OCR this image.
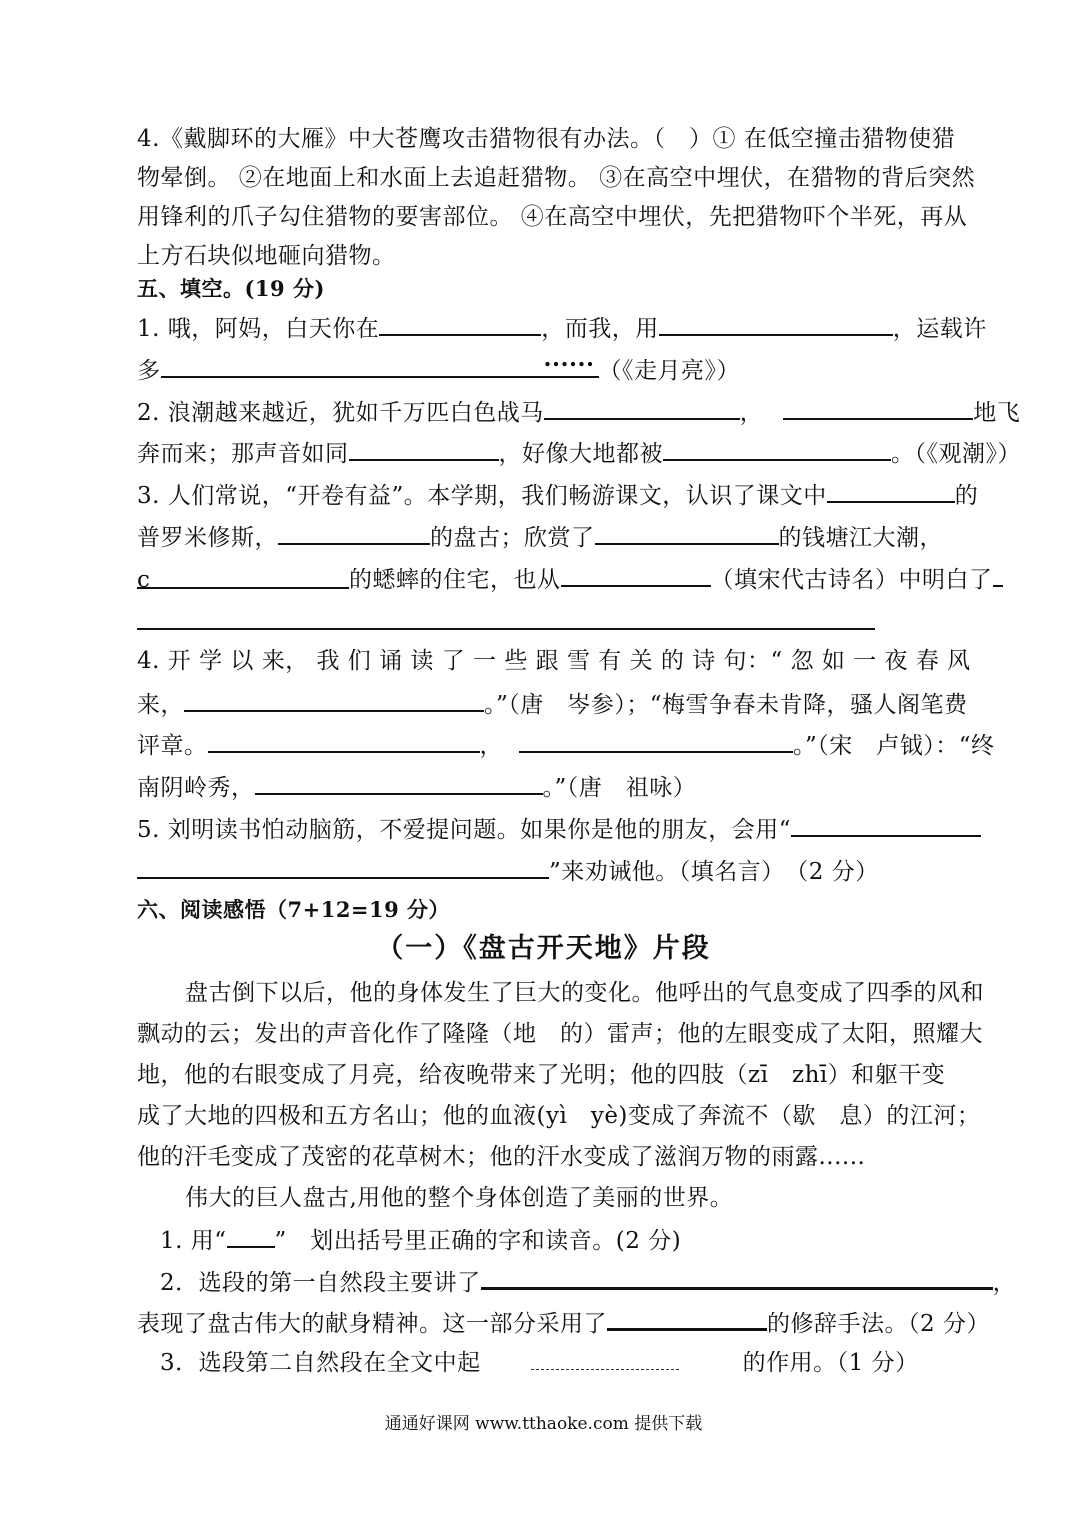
4.《戴脚环的大雁》中大苍鹰攻击猎物很有办法。（　）① 在低空撞击猎物使猎
物晕倒。 ②在地面上和水面上去追赶猎物。 ③在高空中埋伏，在猎物的背后突然
用锋利的爪子勾住猎物的要害部位。 ④在高空中埋伏，先把猎物吓个半死，再从
上方石块似地砸向猎物。
五、填空。(19 分)
1. 哦，阿妈，白天你在	，而我，用	，运载许
多	...... （《走月亮》）
2. 浪潮越来越近，犹如千万匹白色战马	，	地飞
奔而来；那声音如同	，好像大地都被	。（《观潮》）
3. 人们常说，“开卷有益”。本学期，我们畅游课文，认识了课文中	的
普罗米修斯，	的盘古；欣赏了	的钱塘江大潮，
c	的蟋蟀的住宅，也从	（填宋代古诗名）中明白了
4. 开 学 以 来， 我 们 诵 读 了 一 些 跟 雪 有 关 的 诗 句：“ 忽 如 一 夜 春 风
来，	。”（唐　岑参）；“梅雪争春未肯降，骚人阁笔费
评章。	，	。”（宋　卢钺）：“终
南阴岭秀，	。”（唐　祖咏）
5. 刘明读书怕动脑筋，不爱提问题。如果你是他的朋友，会用“
”来劝诫他。（填名言）　（2 分）
六、阅读感悟（7+12=19 分）
（一）《盘古开天地》片段
盘古倒下以后，他的身体发生了巨大的变化。他呼出的气息变成了四季的风和
飘动的云；发出的声音化作了隆隆（地　的）雷声；他的左眼变成了太阳，照耀大
地，他的右眼变成了月亮，给夜晚带来了光明；他的四肢（zī　zhī）和躯干变
成了大地的四极和五方名山；他的血液(yì　yè)变成了奔流不（歇　息）的江河；
他的汗毛变成了茂密的花草树木；他的汗水变成了滋润万物的雨露......
伟大的巨人盘古,用他的整个身体创造了美丽的世界。
1. 用“ ”　划出括号里正确的字和读音。(2 分)
2．选段的第一自然段主要讲了	，
表现了盘古伟大的献身精神。这一部分采用了	的修辞手法。（2 分）
3．选段第二自然段在全文中起	的作用。（1 分）
通通好课网 www.tthaoke.com 提供下载
